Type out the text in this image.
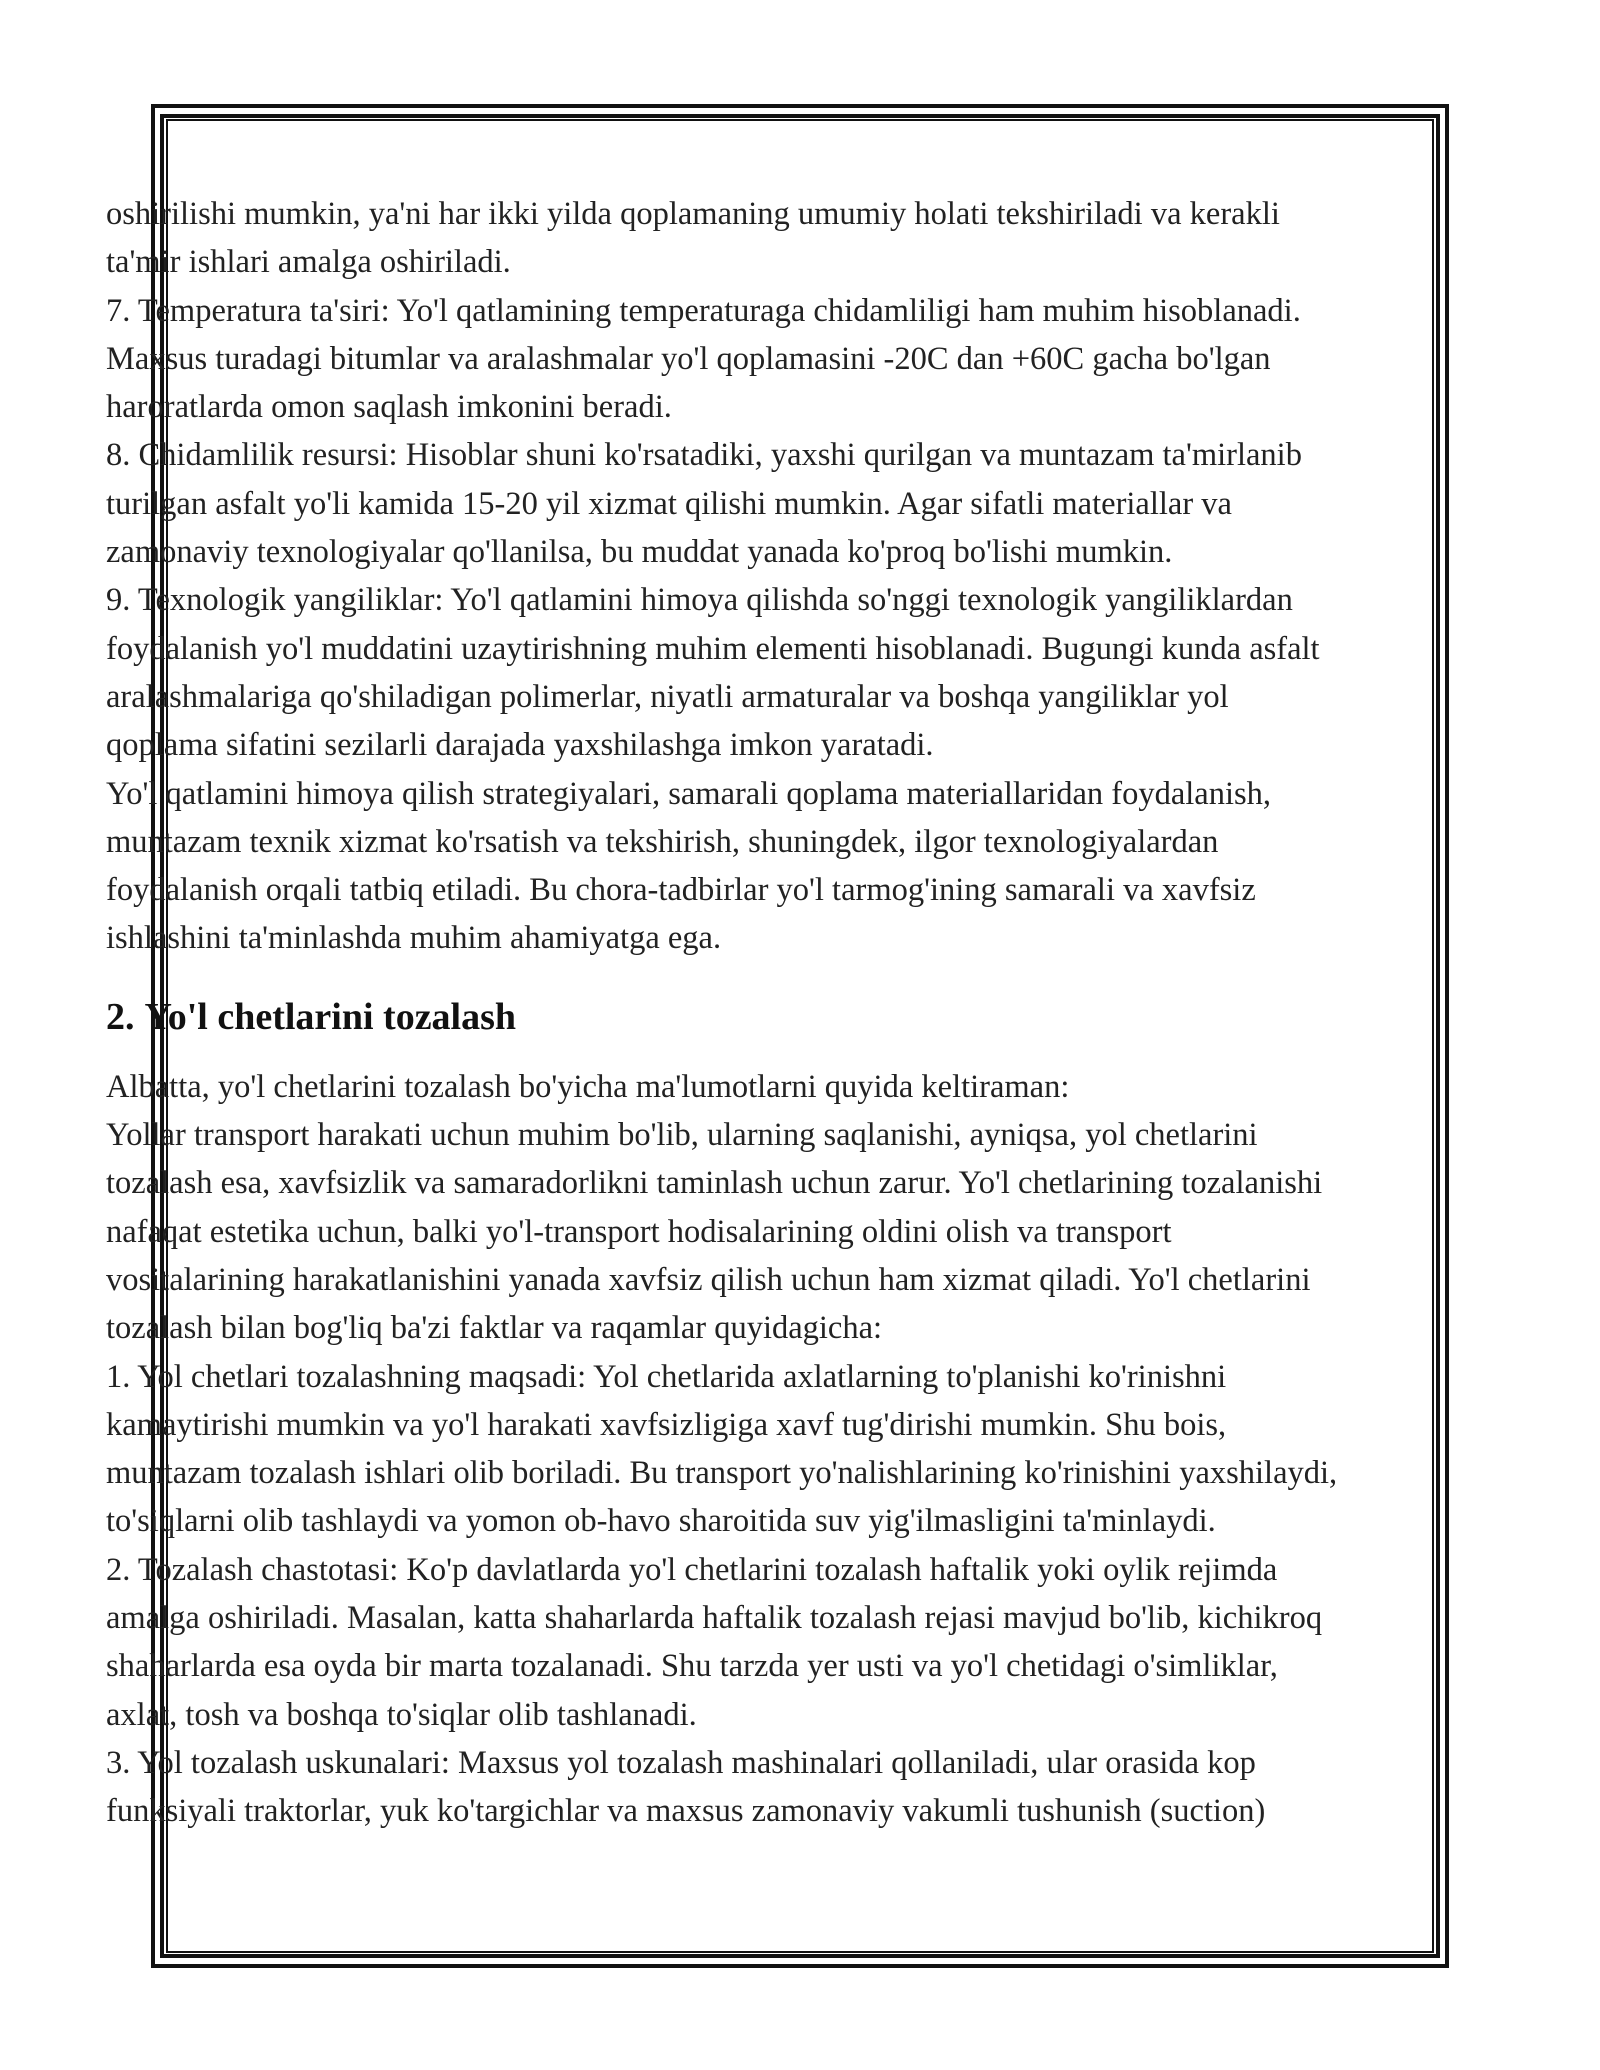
oshirilishi mumkin, ya'ni har ikki yilda qoplamaning umumiy holati tekshiriladi va kerakli

ta'mir ishlari amalga oshiriladi.

7. Temperatura ta'siri: Yo'l qatlamining temperaturaga chidamliligi ham muhim hisoblanadi.

Maxsus turadagi bitumlar va aralashmalar yo'l qoplamasini -20C dan +60C gacha bo'lgan

haroratlarda omon saqlash imkonini beradi.

8. Chidamlilik resursi: Hisoblar shuni ko'rsatadiki, yaxshi qurilgan va muntazam ta'mirlanib

turilgan asfalt yo'li kamida 15-20 yil xizmat qilishi mumkin. Agar sifatli materiallar va

zamonaviy texnologiyalar qo'llanilsa, bu muddat yanada ko'proq bo'lishi mumkin.

9. Texnologik yangiliklar: Yo'l qatlamini himoya qilishda so'nggi texnologik yangiliklardan

foydalanish yo'l muddatini uzaytirishning muhim elementi hisoblanadi. Bugungi kunda asfalt

aralashmalariga qo'shiladigan polimerlar, niyatli armaturalar va boshqa yangiliklar yol

qoplama sifatini sezilarli darajada yaxshilashga imkon yaratadi.

Yo'l qatlamini himoya qilish strategiyalari, samarali qoplama materiallaridan foydalanish,

muntazam texnik xizmat ko'rsatish va tekshirish, shuningdek, ilgor texnologiyalardan

foydalanish orqali tatbiq etiladi. Bu chora-tadbirlar yo'l tarmog'ining samarali va xavfsiz

ishlashini ta'minlashda muhim ahamiyatga ega.

2. Yo'l chetlarini tozalash

Albatta, yo'l chetlarini tozalash bo'yicha ma'lumotlarni quyida keltiraman:

Yollar transport harakati uchun muhim bo'lib, ularning saqlanishi, ayniqsa, yol chetlarini

tozalash esa, xavfsizlik va samaradorlikni taminlash uchun zarur. Yo'l chetlarining tozalanishi

nafaqat estetika uchun, balki yo'l-transport hodisalarining oldini olish va transport

vositalarining harakatlanishini yanada xavfsiz qilish uchun ham xizmat qiladi. Yo'l chetlarini

tozalash bilan bog'liq ba'zi faktlar va raqamlar quyidagicha:

1. Yol chetlari tozalashning maqsadi: Yol chetlarida axlatlarning to'planishi ko'rinishni

kamaytirishi mumkin va yo'l harakati xavfsizligiga xavf tug'dirishi mumkin. Shu bois,

muntazam tozalash ishlari olib boriladi. Bu transport yo'nalishlarining ko'rinishini yaxshilaydi,

to'siqlarni olib tashlaydi va yomon ob-havo sharoitida suv yig'ilmasligini ta'minlaydi.

2. Tozalash chastotasi: Ko'p davlatlarda yo'l chetlarini tozalash haftalik yoki oylik rejimda

amalga oshiriladi. Masalan, katta shaharlarda haftalik tozalash rejasi mavjud bo'lib, kichikroq

shaharlarda esa oyda bir marta tozalanadi. Shu tarzda yer usti va yo'l chetidagi o'simliklar,

axlat, tosh va boshqa to'siqlar olib tashlanadi.

3. Yol tozalash uskunalari: Maxsus yol tozalash mashinalari qollaniladi, ular orasida kop

funksiyali traktorlar, yuk ko'targichlar va maxsus zamonaviy vakumli tushunish (suction)
